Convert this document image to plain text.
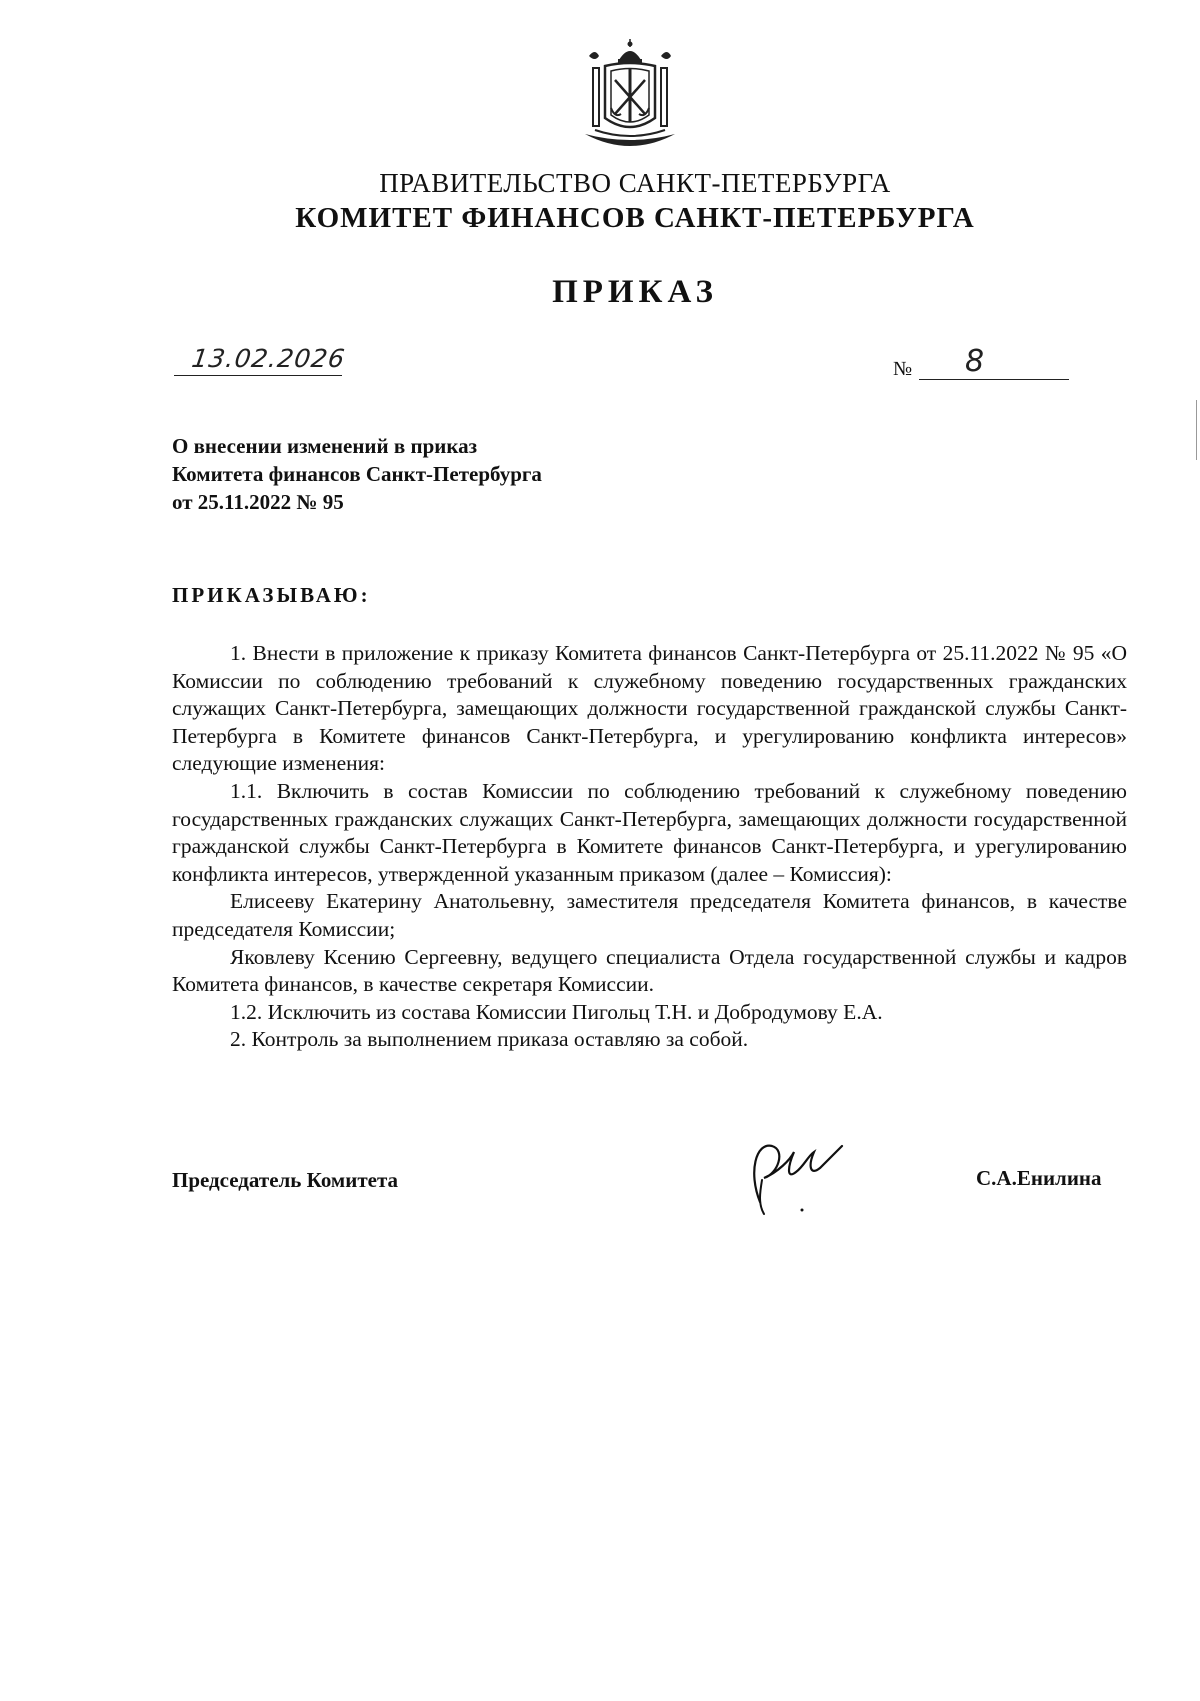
ПРАВИТЕЛЬСТВО САНКТ-ПЕТЕРБУРГА
КОМИТЕТ ФИНАНСОВ САНКТ-ПЕТЕРБУРГА
ПРИКАЗ
13.02.2026	№ 8
О внесении изменений в приказ
Комитета финансов Санкт-Петербурга
от 25.11.2022 № 95
ПРИКАЗЫВАЮ:

1. Внести в приложение к приказу Комитета финансов Санкт-Петербурга от 25.11.2022 № 95 «О Комиссии по соблюдению требований к служебному поведению государственных гражданских служащих Санкт-Петербурга, замещающих должности государственной гражданской службы Санкт-Петербурга в Комитете финансов Санкт-Петербурга, и урегулированию конфликта интересов» следующие изменения:

1.1. Включить в состав Комиссии по соблюдению требований к служебному поведению государственных гражданских служащих Санкт-Петербурга, замещающих должности государственной гражданской службы Санкт-Петербурга в Комитете финансов Санкт-Петербурга, и урегулированию конфликта интересов, утвержденной указанным приказом (далее – Комиссия):

Елисееву Екатерину Анатольевну, заместителя председателя Комитета финансов, в качестве председателя Комиссии;

Яковлеву Ксению Сергеевну, ведущего специалиста Отдела государственной службы и кадров Комитета финансов, в качестве секретаря Комиссии.

1.2. Исключить из состава Комиссии Пигольц Т.Н. и Добродумову Е.А.

2. Контроль за выполнением приказа оставляю за собой.

Председатель Комитета	С.А.Енилина
